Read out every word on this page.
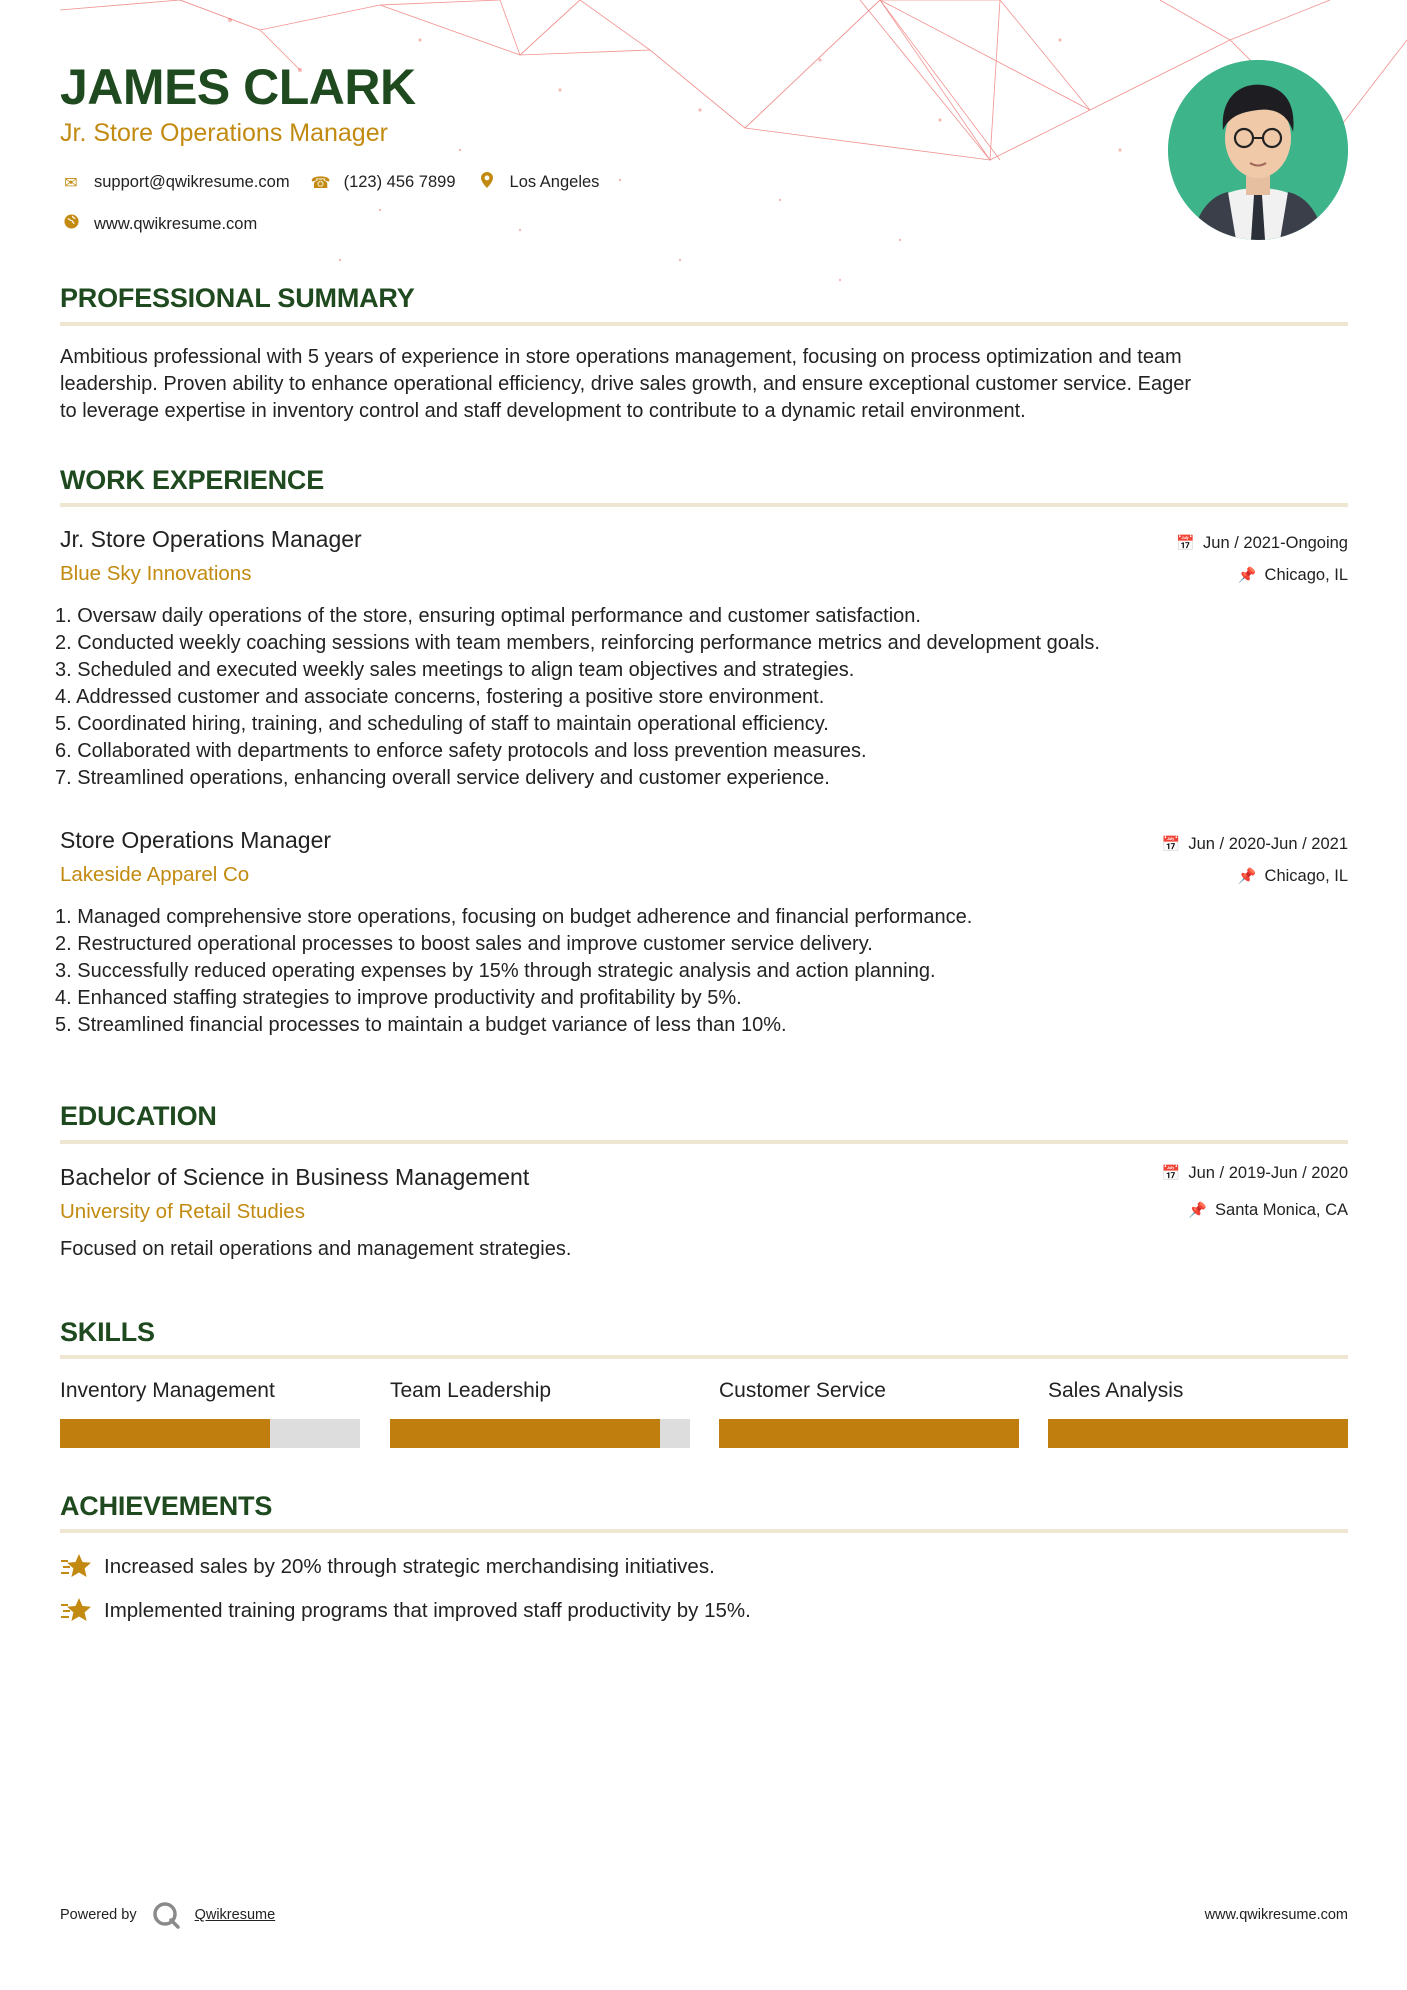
JAMES CLARK
Jr. Store Operations Manager
✉ support@qwikresume.com ☎ (123) 456 7899	Los Angeles
www.qwikresume.com
PROFESSIONAL SUMMARY
Ambitious professional with 5 years of experience in store operations management, focusing on process optimization and team
leadership. Proven ability to enhance operational efficiency, drive sales growth, and ensure exceptional customer service. Eager
to leverage expertise in inventory control and staff development to contribute to a dynamic retail environment.
WORK EXPERIENCE
Jr. Store Operations Manager
Blue Sky Innovations
📅 Jun / 2021-Ongoing
📌 Chicago, IL
1. Oversaw daily operations of the store, ensuring optimal performance and customer satisfaction.
2. Conducted weekly coaching sessions with team members, reinforcing performance metrics and development goals.
3. Scheduled and executed weekly sales meetings to align team objectives and strategies.
4. Addressed customer and associate concerns, fostering a positive store environment.
5. Coordinated hiring, training, and scheduling of staff to maintain operational efficiency.
6. Collaborated with departments to enforce safety protocols and loss prevention measures.
7. Streamlined operations, enhancing overall service delivery and customer experience.
Store Operations Manager
Lakeside Apparel Co
📅 Jun / 2020-Jun / 2021
📌 Chicago, IL
1. Managed comprehensive store operations, focusing on budget adherence and financial performance.
2. Restructured operational processes to boost sales and improve customer service delivery.
3. Successfully reduced operating expenses by 15% through strategic analysis and action planning.
4. Enhanced staffing strategies to improve productivity and profitability by 5%.
5. Streamlined financial processes to maintain a budget variance of less than 10%.
EDUCATION
Bachelor of Science in Business Management
University of Retail Studies
📅 Jun / 2019-Jun / 2020
📌 Santa Monica, CA
Focused on retail operations and management strategies.
SKILLS
Inventory Management	Team Leadership	Customer Service	Sales Analysis
ACHIEVEMENTS
Increased sales by 20% through strategic merchandising initiatives.
Implemented training programs that improved staff productivity by 15%.
Powered by	Qwikresume	www.qwikresume.com
